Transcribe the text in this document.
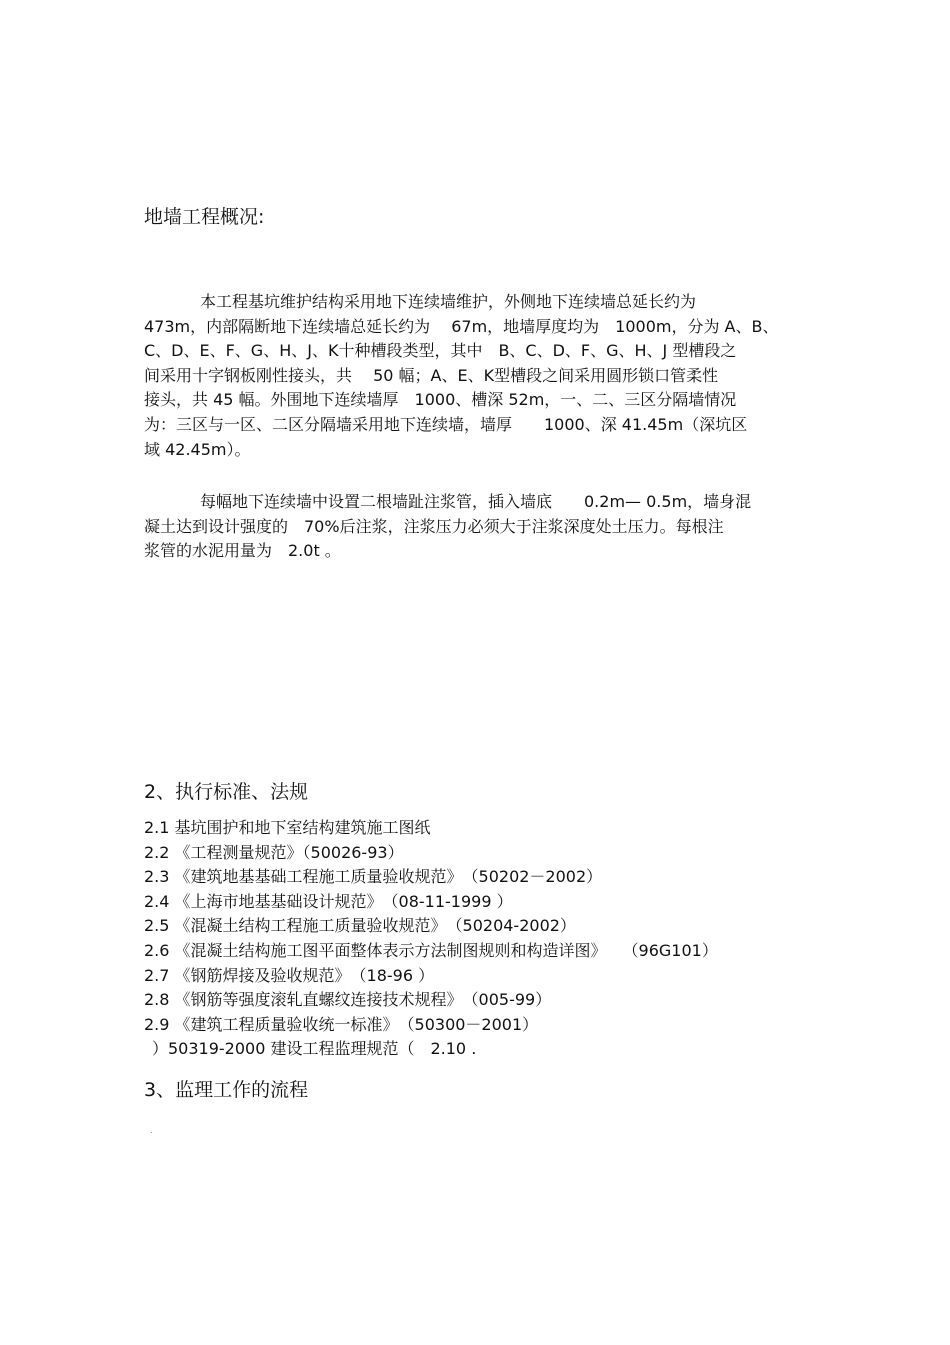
地墙工程概况:
本工程基坑维护结构采用地下连续墙维护，外侧地下连续墙总延长约为
473m，内部隔断地下连续墙总延长约为　 67m，地墙厚度均为　1000m，分为 A、B、
C、D、E、F、G、H、J、K十种槽段类型，其中　B、C、D、F、G、H、J 型槽段之
间采用十字钢板刚性接头，共　 50 幅；A、E、K型槽段之间采用圆形锁口管柔性
接头，共 45 幅。外围地下连续墙厚　1000、槽深 52m，一、二、三区分隔墙情况
为：三区与一区、二区分隔墙采用地下连续墙，墙厚　　1000、深 41.45m（深坑区
域 42.45m）。
每幅地下连续墙中设置二根墙趾注浆管，插入墙底　　0.2m— 0.5m，墙身混
凝土达到设计强度的　70%后注浆，注浆压力必须大于注浆深度处土压力。每根注
浆管的水泥用量为　2.0t 。
2、执行标准、法规
2.1 基坑围护和地下室结构建筑施工图纸
2.2 《工程测量规范》（50026-93）
2.3 《建筑地基基础工程施工质量验收规范》　（50202－2002）
2.4 《上海市地基基础设计规范》　（08-11-1999 ）
2.5 《混凝土结构工程施工质量验收规范》　（50204-2002）
2.6 《混凝土结构施工图平面整体表示方法制图规则和构造详图》　　（96G101）
2.7 《钢筋焊接及验收规范》　（18-96 ）
2.8 《钢筋等强度滚轧直螺纹连接技术规程》　（005-99）
2.9 《建筑工程质量验收统一标准》　（50300－2001）
）50319-2000 建设工程监理规范（　2.10 .
3、监理工作的流程
.
